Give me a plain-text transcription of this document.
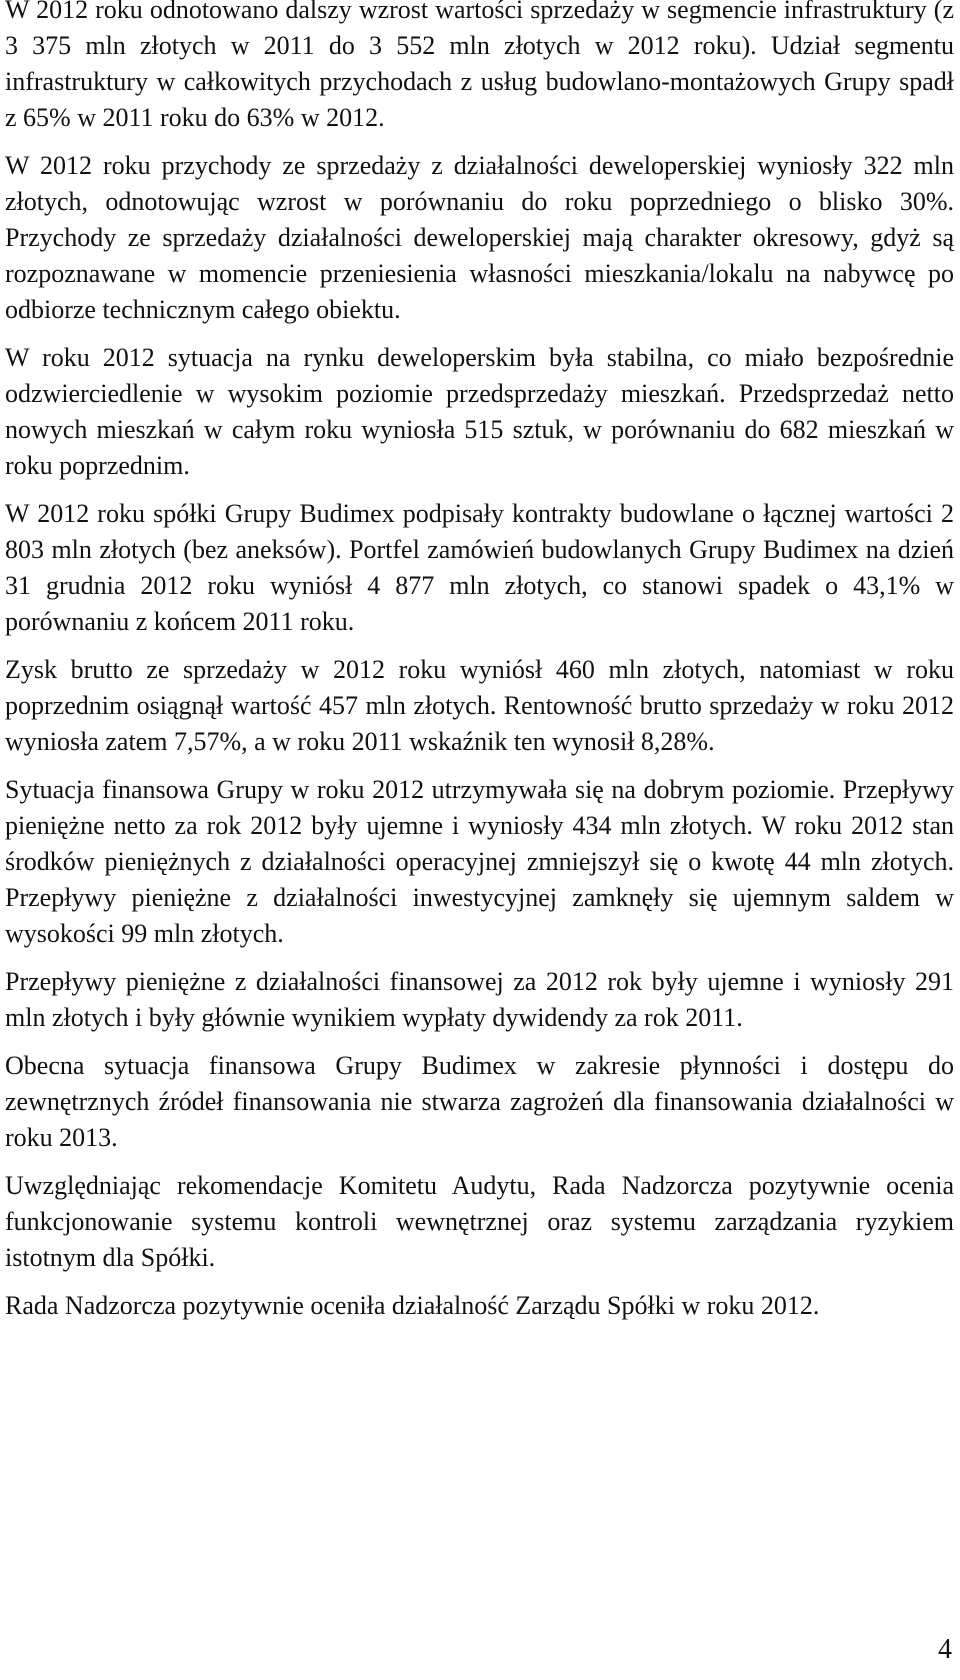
W 2012 roku odnotowano dalszy wzrost wartości sprzedaży w segmencie infrastruktury (z 3 375 mln złotych w 2011 do 3 552 mln złotych w 2012 roku). Udział segmentu infrastruktury w całkowitych przychodach z usług budowlano-montażowych Grupy spadł z 65% w 2011 roku do 63% w 2012.

W 2012 roku przychody ze sprzedaży z działalności deweloperskiej wyniosły 322 mln złotych, odnotowując wzrost w porównaniu do roku poprzedniego o blisko 30%. Przychody ze sprzedaży działalności deweloperskiej mają charakter okresowy, gdyż są rozpoznawane w momencie przeniesienia własności mieszkania/lokalu na nabywcę po odbiorze technicznym całego obiektu.

W roku 2012 sytuacja na rynku deweloperskim była stabilna, co miało bezpośrednie odzwierciedlenie w wysokim poziomie przedsprzedaży mieszkań. Przedsprzedaż netto nowych mieszkań w całym roku wyniosła 515 sztuk, w porównaniu do 682 mieszkań w roku poprzednim.

W 2012 roku spółki Grupy Budimex podpisały kontrakty budowlane o łącznej wartości 2 803 mln złotych (bez aneksów). Portfel zamówień budowlanych Grupy Budimex na dzień 31 grudnia 2012 roku wyniósł 4 877 mln złotych, co stanowi spadek o 43,1% w porównaniu z końcem 2011 roku.

Zysk brutto ze sprzedaży w 2012 roku wyniósł 460 mln złotych, natomiast w roku poprzednim osiągnął wartość 457 mln złotych. Rentowność brutto sprzedaży w roku 2012 wyniosła zatem 7,57%, a w roku 2011 wskaźnik ten wynosił 8,28%.

Sytuacja finansowa Grupy w roku 2012 utrzymywała się na dobrym poziomie. Przepływy pieniężne netto za rok 2012 były ujemne i wyniosły 434 mln złotych. W roku 2012 stan środków pieniężnych z działalności operacyjnej zmniejszył się o kwotę 44 mln złotych. Przepływy pieniężne z działalności inwestycyjnej zamknęły się ujemnym saldem w wysokości 99 mln złotych.

Przepływy pieniężne z działalności finansowej za 2012 rok były ujemne i wyniosły 291 mln złotych i były głównie wynikiem wypłaty dywidendy za rok 2011.

Obecna sytuacja finansowa Grupy Budimex w zakresie płynności i dostępu do zewnętrznych źródeł finansowania nie stwarza zagrożeń dla finansowania działalności w roku 2013.

Uwzględniając rekomendacje Komitetu Audytu, Rada Nadzorcza pozytywnie ocenia funkcjonowanie systemu kontroli wewnętrznej oraz systemu zarządzania ryzykiem istotnym dla Spółki.

Rada Nadzorcza pozytywnie oceniła działalność Zarządu Spółki w roku 2012.

4
